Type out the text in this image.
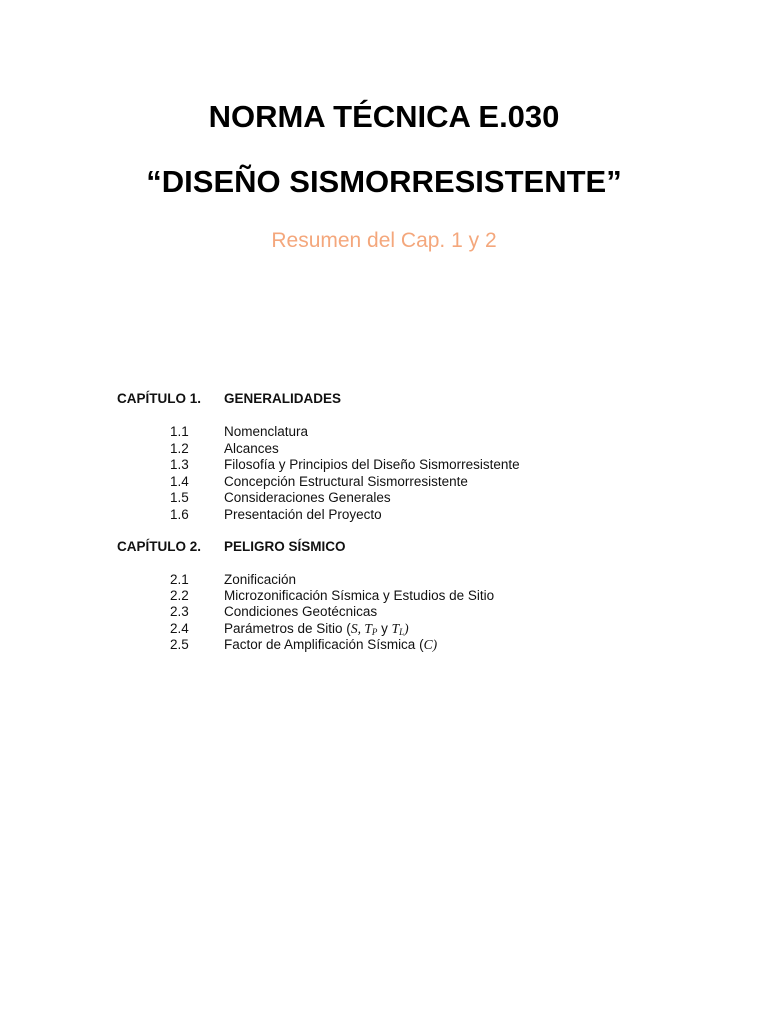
NORMA TÉCNICA E.030
“DISEÑO SISMORRESISTENTE”
Resumen del Cap. 1 y 2
CAPÍTULO 1. GENERALIDADES
1.1	Nomenclatura
1.2	Alcances
1.3	Filosofía y Principios del Diseño Sismorresistente
1.4	Concepción Estructural Sismorresistente
1.5	Consideraciones Generales
1.6	Presentación del Proyecto
CAPÍTULO 2. PELIGRO SÍSMICO
2.1	Zonificación
2.2	Microzonificación Sísmica y Estudios de Sitio
2.3	Condiciones Geotécnicas
2.4	Parámetros de Sitio (S, $T_P$ y $T_L$)
2.5	Factor de Amplificación Sísmica (C)
